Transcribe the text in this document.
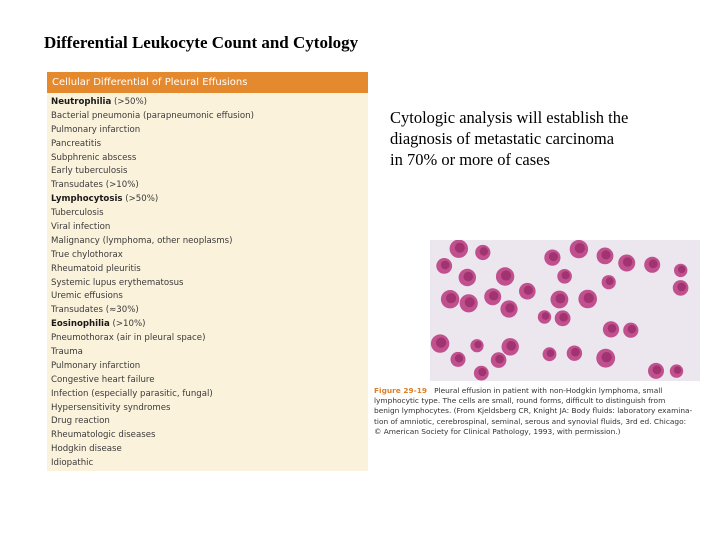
Differential Leukocyte Count and Cytology
Cellular Differential of Pleural Effusions
Neutrophilia (>50%)
Bacterial pneumonia (parapneumonic effusion)
Pulmonary infarction
Pancreatitis
Subphrenic abscess
Early tuberculosis
Transudates (>10%)
Lymphocytosis (>50%)
Tuberculosis
Viral infection
Malignancy (lymphoma, other neoplasms)
True chylothorax
Rheumatoid pleuritis
Systemic lupus erythematosus
Uremic effusions
Transudates (≈30%)
Eosinophilia (>10%)
Pneumothorax (air in pleural space)
Trauma
Pulmonary infarction
Congestive heart failure
Infection (especially parasitic, fungal)
Hypersensitivity syndromes
Drug reaction
Rheumatologic diseases
Hodgkin disease
Idiopathic
Cytologic analysis will establish the
diagnosis of metastatic carcinoma
in 70% or more of cases
Figure 29-19 Pleural effusion in patient with non-Hodgkin lymphoma, small
lymphocytic type. The cells are small, round forms, difficult to distinguish from
benign lymphocytes. (From Kjeldsberg CR, Knight JA: Body fluids: laboratory examina-
tion of amniotic, cerebrospinal, seminal, serous and synovial fluids, 3rd ed. Chicago:
© American Society for Clinical Pathology, 1993, with permission.)
